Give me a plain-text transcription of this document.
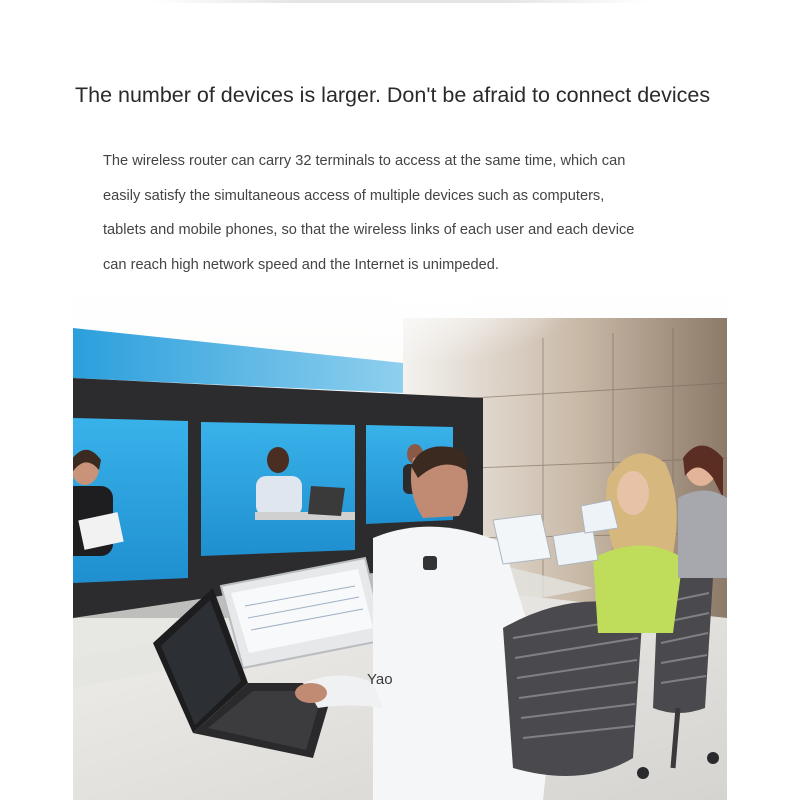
The number of devices is larger. Don't be afraid to connect devices

The wireless router can carry 32 terminals to access at the same time, which can
easily satisfy the simultaneous access of multiple devices such as computers,
tablets and mobile phones, so that the wireless links of each user and each device
can reach high network speed and the Internet is unimpeded.

Yao
